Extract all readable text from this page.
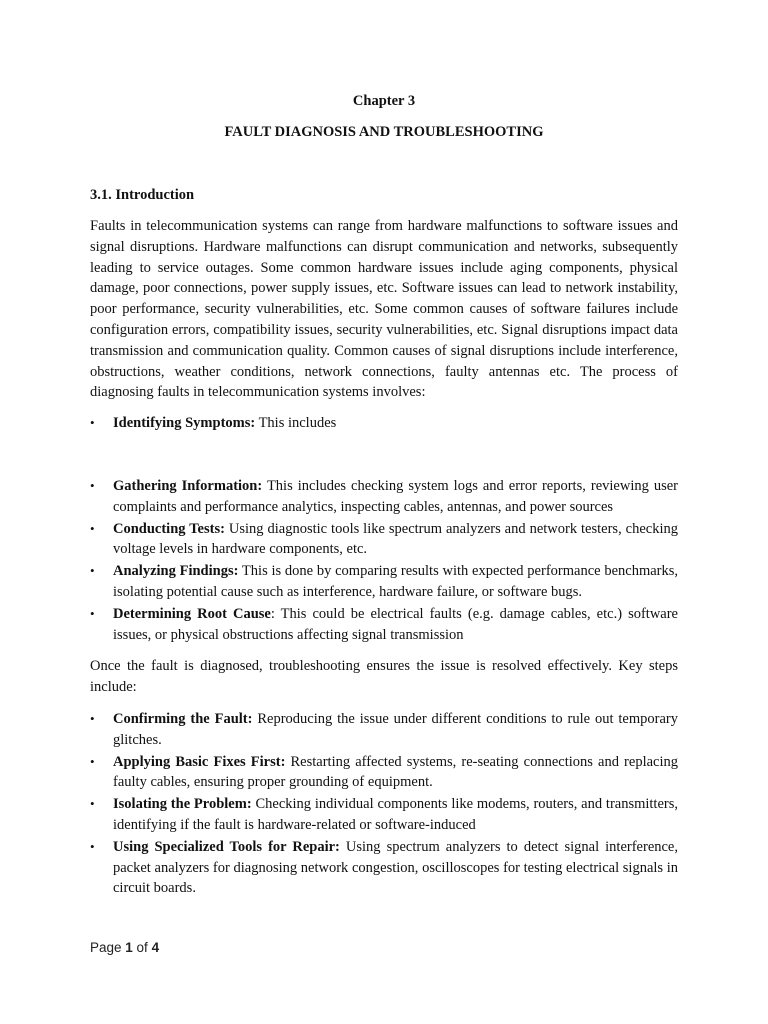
Chapter 3
FAULT DIAGNOSIS AND TROUBLESHOOTING
3.1. Introduction
Faults in telecommunication systems can range from hardware malfunctions to software issues and signal disruptions. Hardware malfunctions can disrupt communication and networks, subsequently leading to service outages. Some common hardware issues include aging components, physical damage, poor connections, power supply issues, etc. Software issues can lead to network instability, poor performance, security vulnerabilities, etc. Some common causes of software failures include configuration errors, compatibility issues, security vulnerabilities, etc. Signal disruptions impact data transmission and communication quality. Common causes of signal disruptions include interference, obstructions, weather conditions, network connections, faulty antennas etc. The process of diagnosing faults in telecommunication systems involves:
• Identifying Symptoms: This includes
• Gathering Information: This includes checking system logs and error reports, reviewing user complaints and performance analytics, inspecting cables, antennas, and power sources
• Conducting Tests: Using diagnostic tools like spectrum analyzers and network testers, checking voltage levels in hardware components, etc.
• Analyzing Findings: This is done by comparing results with expected performance benchmarks, isolating potential cause such as interference, hardware failure, or software bugs.
• Determining Root Cause: This could be electrical faults (e.g. damage cables, etc.) software issues, or physical obstructions affecting signal transmission
Once the fault is diagnosed, troubleshooting ensures the issue is resolved effectively. Key steps include:
• Confirming the Fault: Reproducing the issue under different conditions to rule out temporary glitches.
• Applying Basic Fixes First: Restarting affected systems, re-seating connections and replacing faulty cables, ensuring proper grounding of equipment.
• Isolating the Problem: Checking individual components like modems, routers, and transmitters, identifying if the fault is hardware-related or software-induced
• Using Specialized Tools for Repair: Using spectrum analyzers to detect signal interference, packet analyzers for diagnosing network congestion, oscilloscopes for testing electrical signals in circuit boards.
Page 1 of 4
